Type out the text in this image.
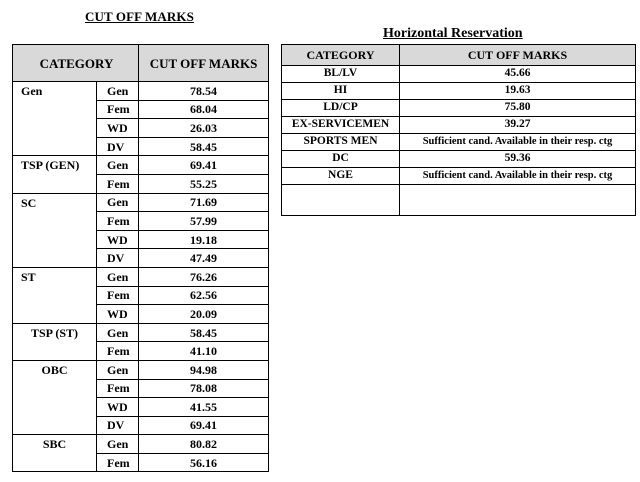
CUT OFF MARKS
Horizontal Reservation
CATEGORY		CUT OFF MARKS
Gen	Gen	78.54
	Fem	68.04
	WD	26.03
	DV	58.45
TSP (GEN)	Gen	69.41
	Fem	55.25
SC	Gen	71.69
	Fem	57.99
	WD	19.18
	DV	47.49
ST	Gen	76.26
	Fem	62.56
	WD	20.09
TSP (ST)	Gen	58.45
	Fem	41.10
OBC	Gen	94.98
	Fem	78.08
	WD	41.55
	DV	69.41
SBC	Gen	80.82
	Fem	56.16
CATEGORY	CUT OFF MARKS
BL/LV	45.66
HI	19.63
LD/CP	75.80
EX-SERVICEMEN	39.27
SPORTS MEN	Sufficient cand. Available in their resp. ctg
DC	59.36
NGE	Sufficient cand. Available in their resp. ctg
